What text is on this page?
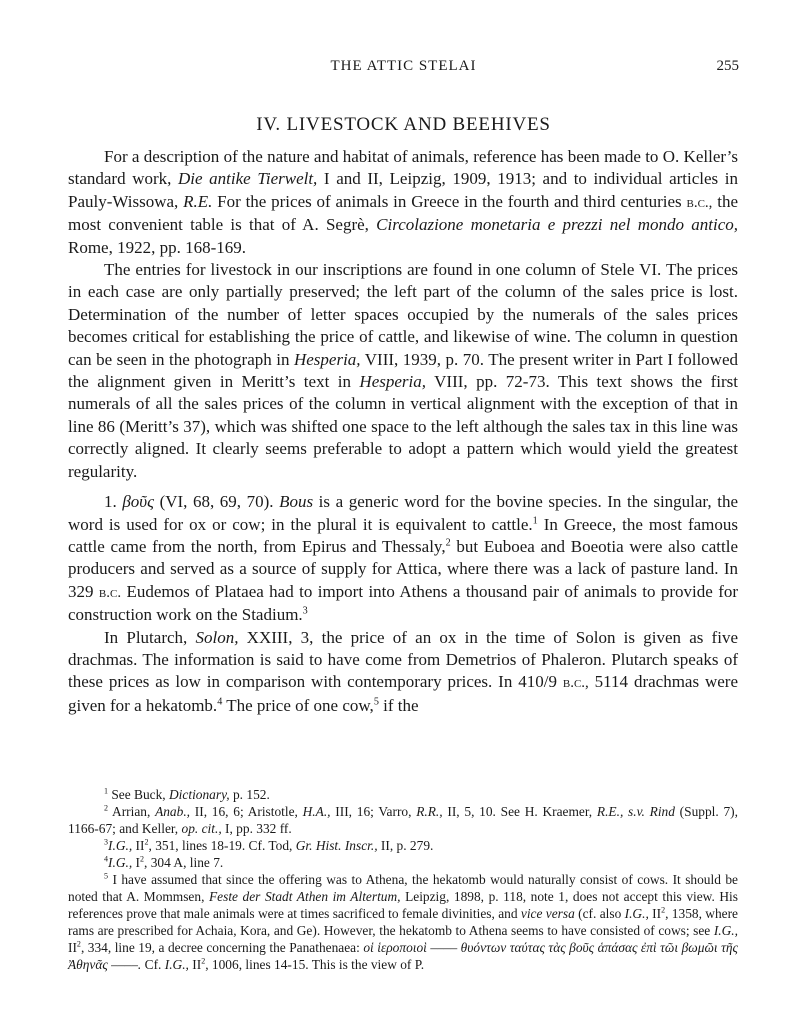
THE ATTIC STELAI	255
IV. LIVESTOCK AND BEEHIVES

For a description of the nature and habitat of animals, reference has been made to O. Keller’s standard work, Die antike Tierwelt, I and II, Leipzig, 1909, 1913; and to individual articles in Pauly-Wissowa, R.E. For the prices of animals in Greece in the fourth and third centuries b.c., the most convenient table is that of A. Segrè, Circolazione monetaria e prezzi nel mondo antico, Rome, 1922, pp. 168-169.

The entries for livestock in our inscriptions are found in one column of Stele VI. The prices in each case are only partially preserved; the left part of the column of the sales price is lost. Determination of the number of letter spaces occupied by the numerals of the sales prices becomes critical for establishing the price of cattle, and likewise of wine. The column in question can be seen in the photograph in Hesperia, VIII, 1939, p. 70. The present writer in Part I followed the alignment given in Meritt’s text in Hesperia, VIII, pp. 72-73. This text shows the first numerals of all the sales prices of the column in vertical alignment with the exception of that in line 86 (Meritt’s 37), which was shifted one space to the left although the sales tax in this line was correctly aligned. It clearly seems preferable to adopt a pattern which would yield the greatest regularity.

1. βοῦς (VI, 68, 69, 70). Bous is a generic word for the bovine species. In the singular, the word is used for ox or cow; in the plural it is equivalent to cattle.$^1$ In Greece, the most famous cattle came from the north, from Epirus and Thessaly,$^2$ but Euboea and Boeotia were also cattle producers and served as a source of supply for Attica, where there was a lack of pasture land. In 329 b.c. Eudemos of Plataea had to import into Athens a thousand pair of animals to provide for construction work on the Stadium.$^3$

In Plutarch, Solon, XXIII, 3, the price of an ox in the time of Solon is given as five drachmas. The information is said to have come from Demetrios of Phaleron. Plutarch speaks of these prices as low in comparison with contemporary prices. In 410/9 b.c., 5114 drachmas were given for a hekatomb.$^4$ The price of one cow,$^5$ if the

$^1$ See Buck, Dictionary, p. 152.

$^2$ Arrian, Anab., II, 16, 6; Aristotle, H.A., III, 16; Varro, R.R., II, 5, 10. See H. Kraemer, R.E., s.v. Rind (Suppl. 7), 1166-67; and Keller, op. cit., I, pp. 332 ff.

$^3$I.G., $II^2$, 351, lines 18-19. Cf. Tod, Gr. Hist. Inscr., II, p. 279.

$^4$I.G., $I^2$, 304 A, line 7.

$^5$ I have assumed that since the offering was to Athena, the hekatomb would naturally consist of cows. It should be noted that A. Mommsen, Feste der Stadt Athen im Altertum, Leipzig, 1898, p. 118, note 1, does not accept this view. His references prove that male animals were at times sacrificed to female divinities, and vice versa (cf. also I.G., $II^2$, 1358, where rams are prescribed for Achaia, Kora, and Ge). However, the hekatomb to Athena seems to have consisted of cows; see I.G., $II^2$, 334, line 19, a decree concerning the Panathenaea: οἱ ἱεροποιοὶ –––– θυόντων ταύτας τὰς βοῦς ἁπάσας ἐπὶ τῶι βωμῶι τῆς Ἀθηνᾶς ––––. Cf. I.G., $II^2$, 1006, lines 14-15. This is the view of P.
